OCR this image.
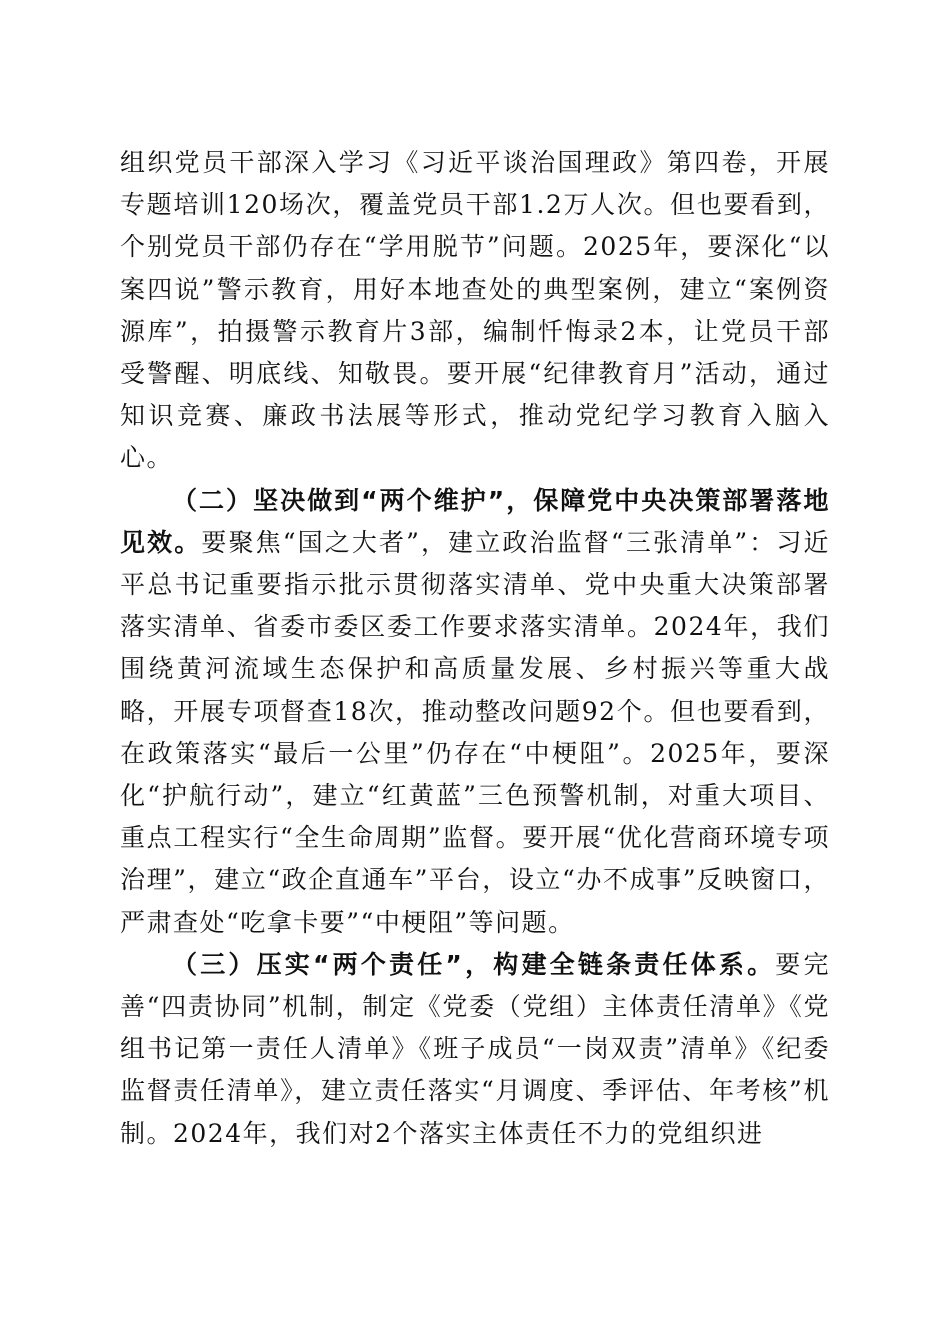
组织党员干部深入学习《习近平谈治国理政》第四卷，开展专题培训120场次，覆盖党员干部1.2万人次。但也要看到，个别党员干部仍存在“学用脱节”问题。2025年，要深化“以案四说”警示教育，用好本地查处的典型案例，建立“案例资源库”，拍摄警示教育片3部，编制忏悔录2本，让党员干部受警醒、明底线、知敬畏。要开展“纪律教育月”活动，通过知识竞赛、廉政书法展等形式，推动党纪学习教育入脑入心。

（二）坚决做到“两个维护”，保障党中央决策部署落地见效。要聚焦“国之大者”，建立政治监督“三张清单”：习近平总书记重要指示批示贯彻落实清单、党中央重大决策部署落实清单、省委市委区委工作要求落实清单。2024年，我们围绕黄河流域生态保护和高质量发展、乡村振兴等重大战略，开展专项督查18次，推动整改问题92个。但也要看到，在政策落实“最后一公里”仍存在“中梗阻”。2025年，要深化“护航行动”，建立“红黄蓝”三色预警机制，对重大项目、重点工程实行“全生命周期”监督。要开展“优化营商环境专项治理”，建立“政企直通车”平台，设立“办不成事”反映窗口，严肃查处“吃拿卡要”“中梗阻”等问题。

（三）压实“两个责任”，构建全链条责任体系。要完善“四责协同”机制，制定《党委（党组）主体责任清单》《党组书记第一责任人清单》《班子成员“一岗双责”清单》《纪委监督责任清单》，建立责任落实“月调度、季评估、年考核”机制。2024年，我们对2个落实主体责任不力的党组织进
